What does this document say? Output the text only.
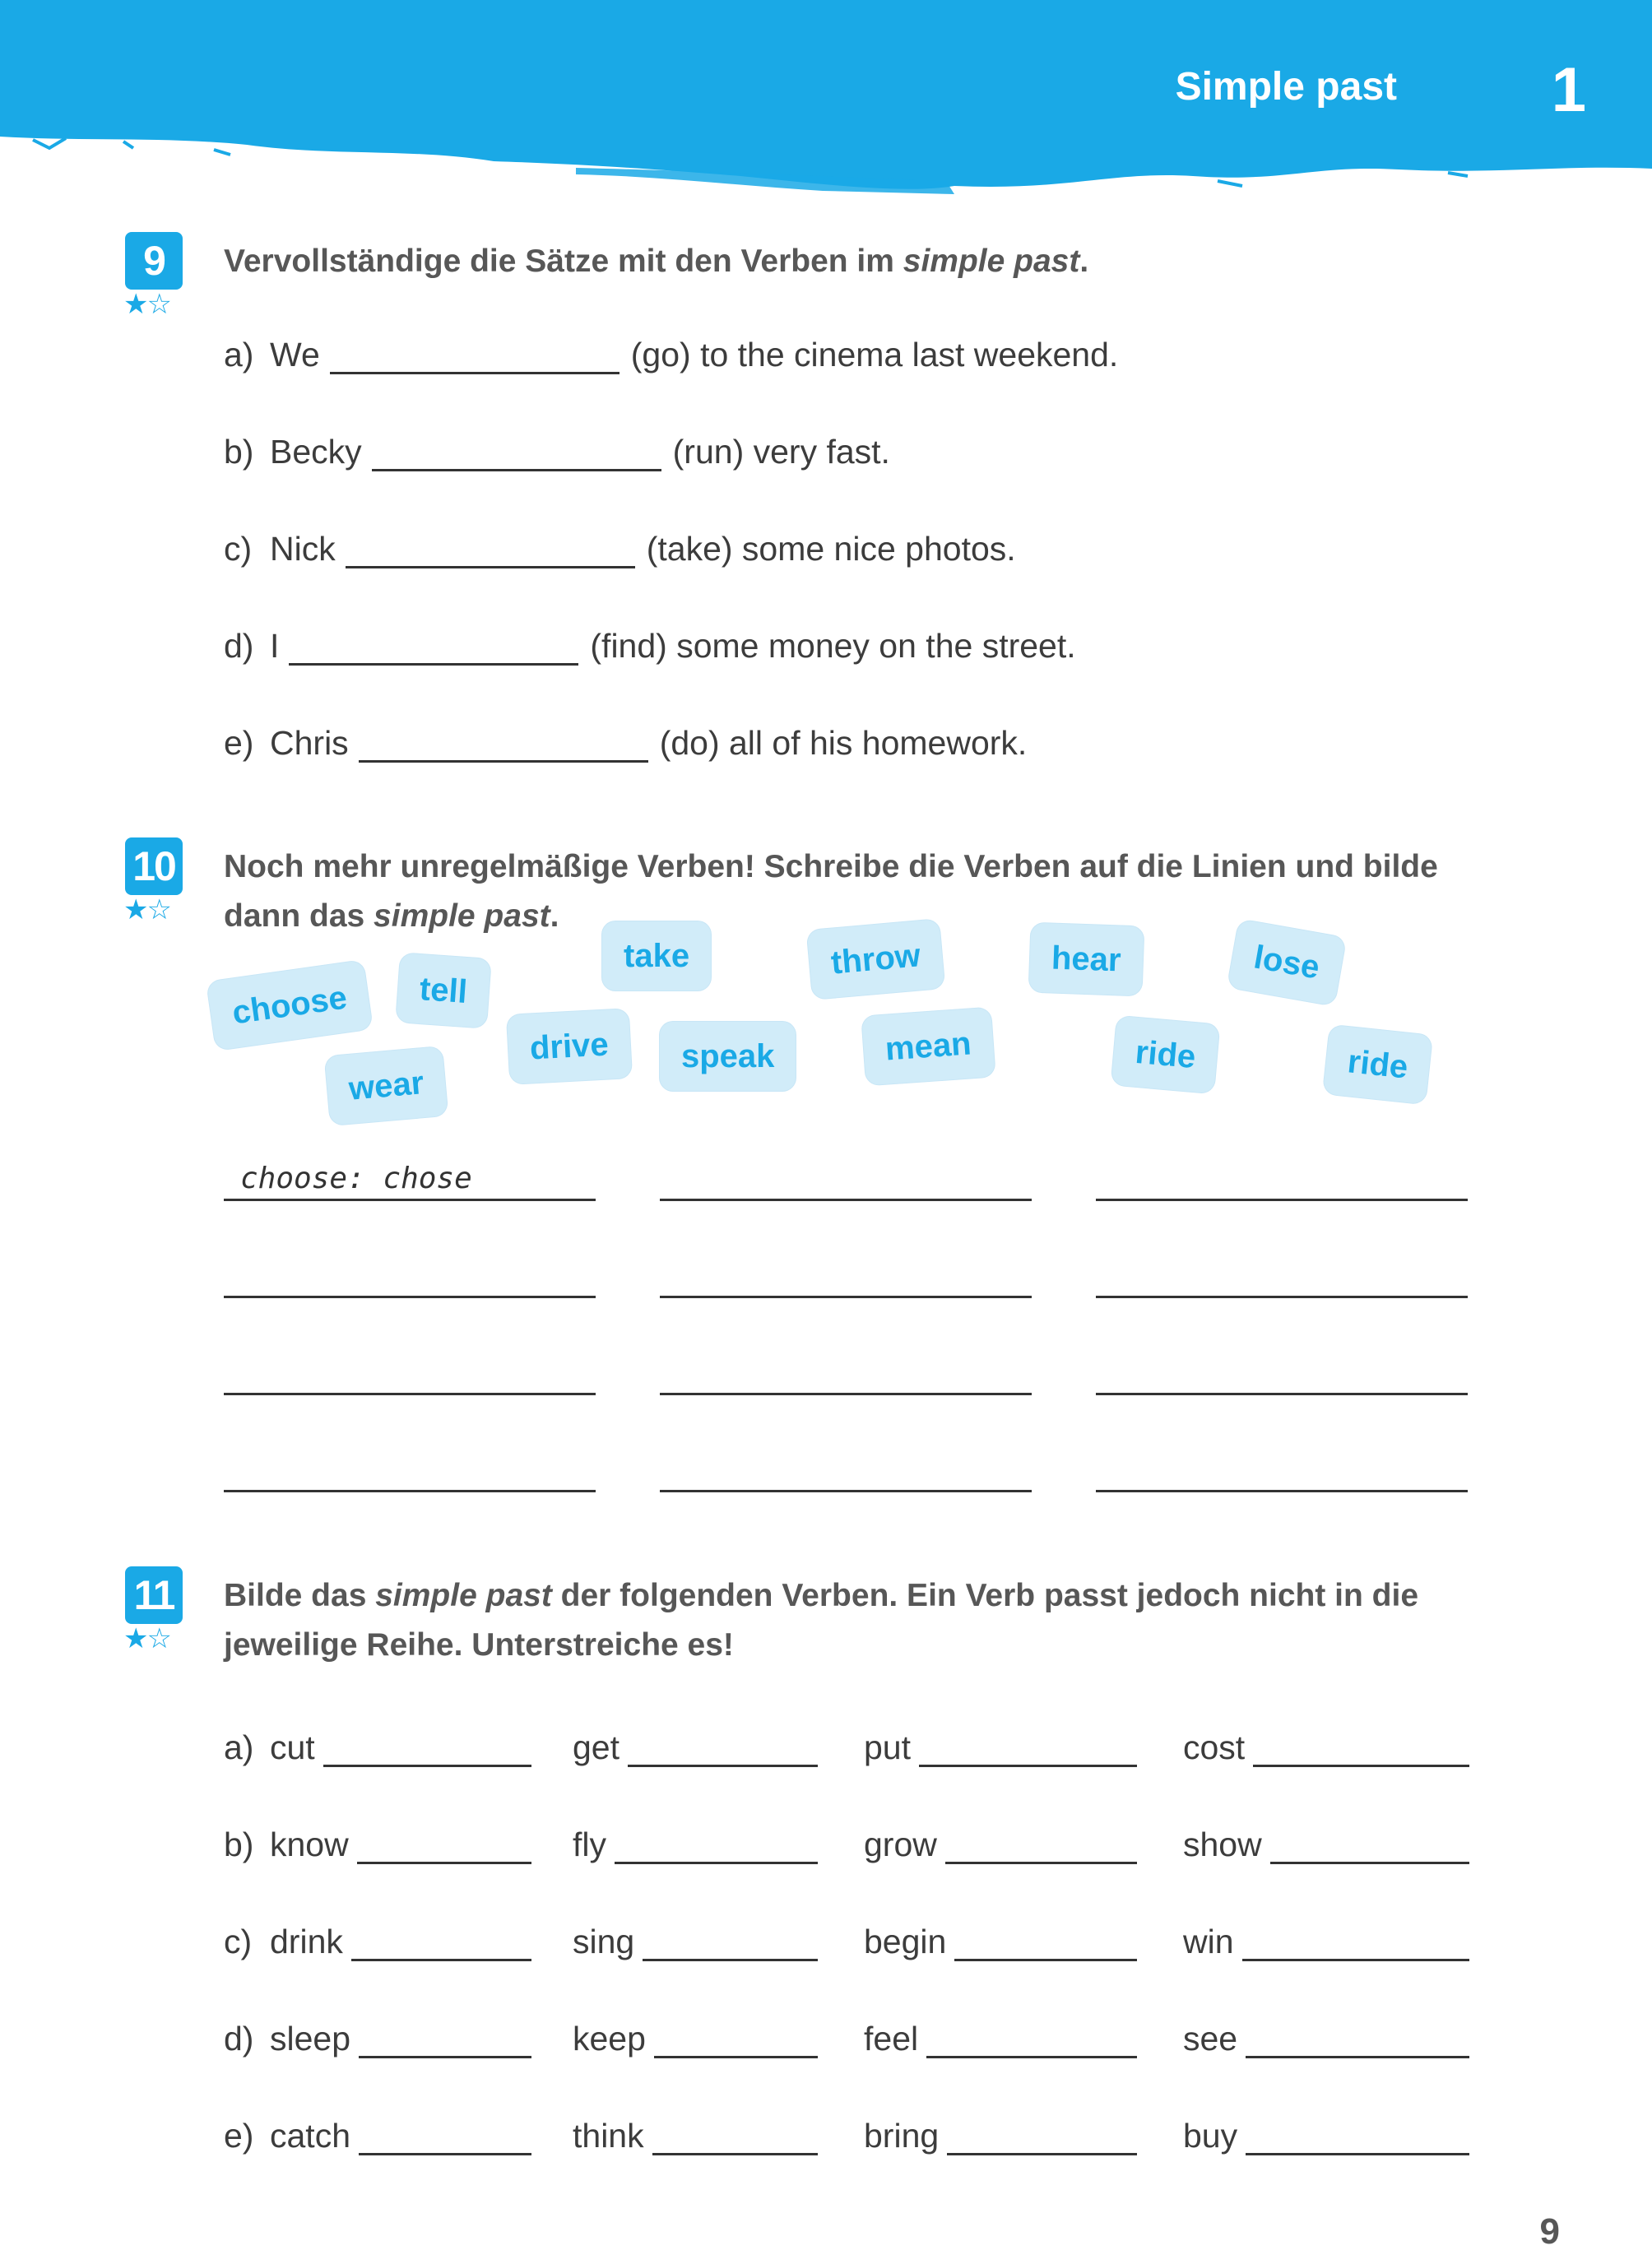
Simple past 1
9
★☆
Vervollständige die Sätze mit den Verben im simple past.
a) We	(go) to the cinema last weekend.
b) Becky	(run) very fast.
c) Nick	(take) some nice photos.
d) I	(find) some money on the street.
e) Chris	(do) all of his homework.
10
★☆
Noch mehr unregelmäßige Verben! Schreibe die Verben auf die Linien und bilde
dann das simple past.
choose	tell
take	throw	hear	lose
wear
drive	speak	mean	ride	ride
choose: chose
11
★☆
Bilde das simple past der folgenden Verben. Ein Verb passt jedoch nicht in die
jeweilige Reihe. Unterstreiche es!
a) cut	get	put	cost
b) know	fly	grow	show
c) drink	sing	begin	win
d) sleep	keep	feel	see
e) catch	think	bring	buy
9
